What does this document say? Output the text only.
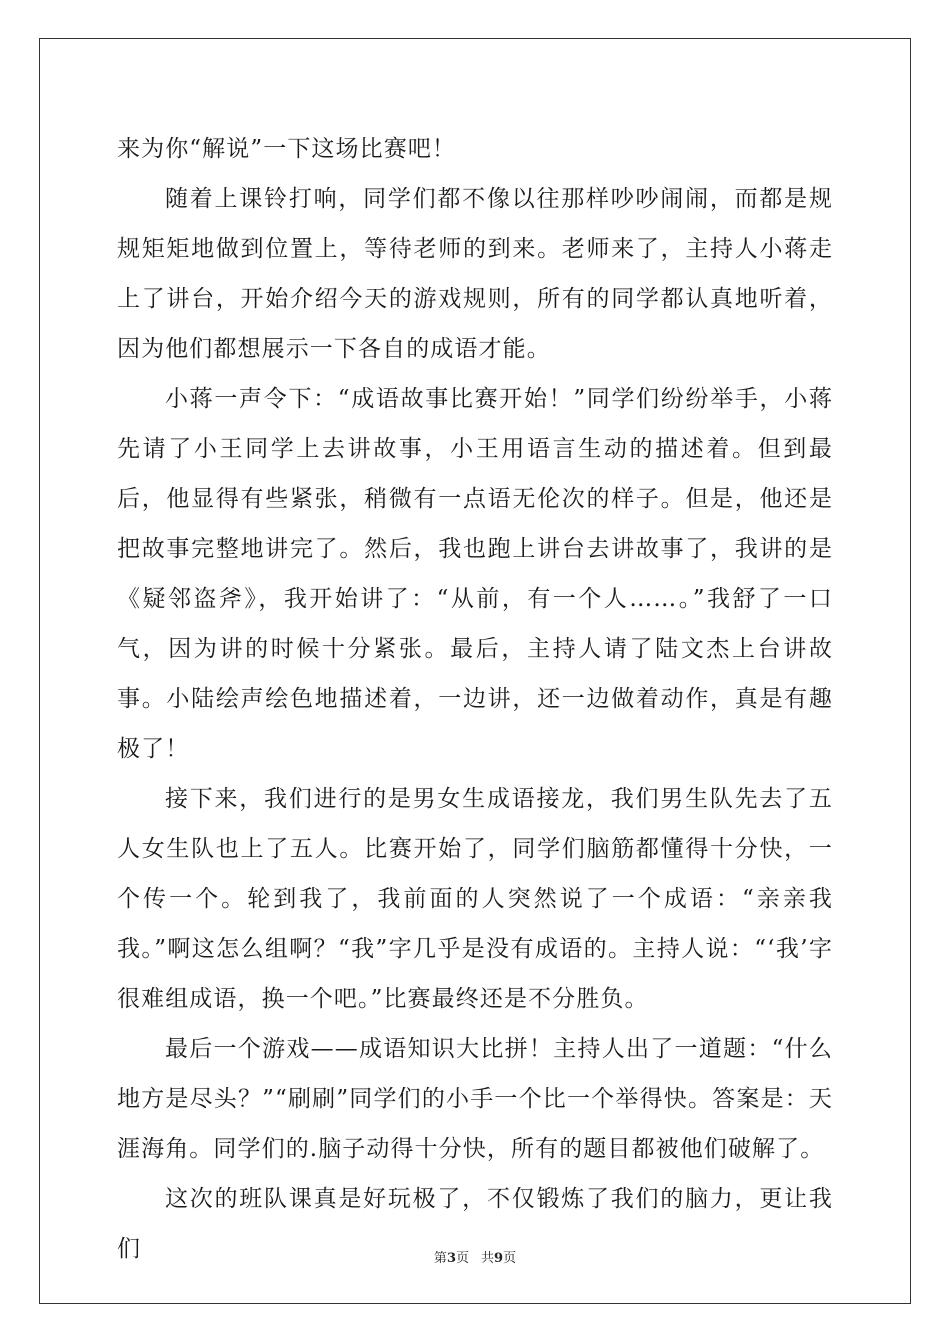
来为你“解说”一下这场比赛吧！

随着上课铃打响，同学们都不像以往那样吵吵闹闹，而都是规规矩矩地做到位置上，等待老师的到来。老师来了，主持人小蒋走上了讲台，开始介绍今天的游戏规则，所有的同学都认真地听着，因为他们都想展示一下各自的成语才能。

小蒋一声令下：“成语故事比赛开始！”同学们纷纷举手，小蒋先请了小王同学上去讲故事，小王用语言生动的描述着。但到最后，他显得有些紧张，稍微有一点语无伦次的样子。但是，他还是把故事完整地讲完了。然后，我也跑上讲台去讲故事了，我讲的是《疑邻盗斧》，我开始讲了：“从前，有一个人……。”我舒了一口气，因为讲的时候十分紧张。最后，主持人请了陆文杰上台讲故事。小陆绘声绘色地描述着，一边讲，还一边做着动作，真是有趣极了！

接下来，我们进行的是男女生成语接龙，我们男生队先去了五人女生队也上了五人。比赛开始了，同学们脑筋都懂得十分快，一个传一个。轮到我了，我前面的人突然说了一个成语：“亲亲我我。”啊这怎么组啊？“我”字几乎是没有成语的。主持人说：“‘我’字很难组成语，换一个吧。”比赛最终还是不分胜负。

最后一个游戏——成语知识大比拼！主持人出了一道题：“什么地方是尽头？”“刷刷”同学们的小手一个比一个举得快。答案是：天涯海角。同学们的.脑子动得十分快，所有的题目都被他们破解了。

这次的班队课真是好玩极了，不仅锻炼了我们的脑力，更让我们	第3页 共9页
